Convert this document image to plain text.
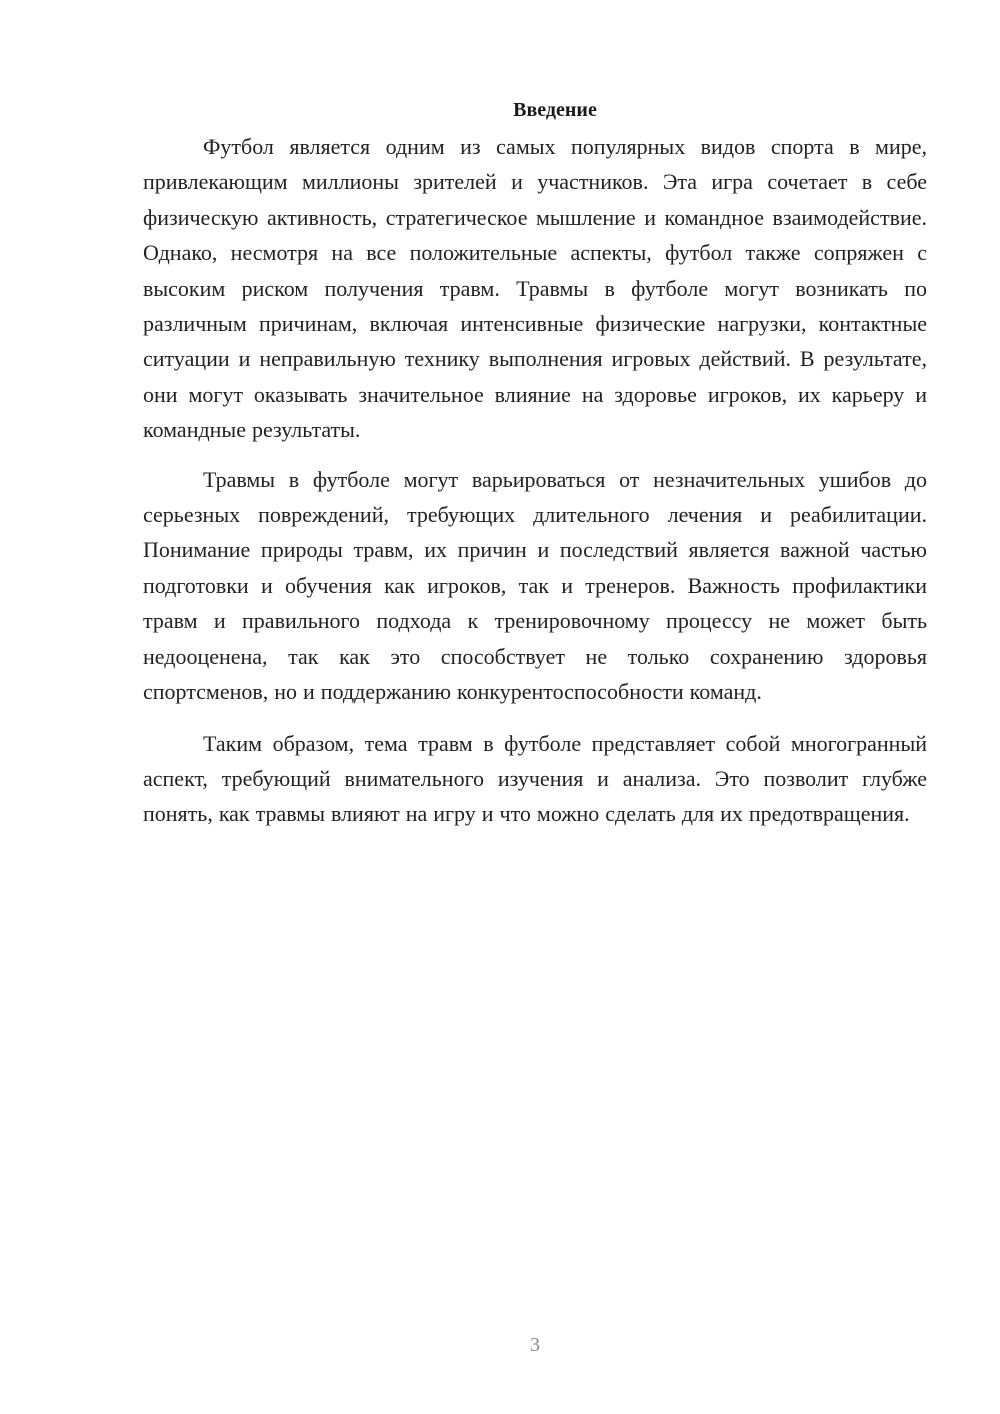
Введение

Футбол является одним из самых популярных видов спорта в мире, привлекающим миллионы зрителей и участников. Эта игра сочетает в себе физическую активность, стратегическое мышление и командное взаимодействие. Однако, несмотря на все положительные аспекты, футбол также сопряжен с высоким риском получения травм. Травмы в футболе могут возникать по различным причинам, включая интенсивные физические нагрузки, контактные ситуации и неправильную технику выполнения игровых действий. В результате, они могут оказывать значительное влияние на здоровье игроков, их карьеру и командные результаты.

Травмы в футболе могут варьироваться от незначительных ушибов до серьезных повреждений, требующих длительного лечения и реабилитации. Понимание природы травм, их причин и последствий является важной частью подготовки и обучения как игроков, так и тренеров. Важность профилактики травм и правильного подхода к тренировочному процессу не может быть недооценена, так как это способствует не только сохранению здоровья спортсменов, но и поддержанию конкурентоспособности команд.

Таким образом, тема травм в футболе представляет собой многогранный аспект, требующий внимательного изучения и анализа. Это позволит глубже понять, как травмы влияют на игру и что можно сделать для их предотвращения.

3
